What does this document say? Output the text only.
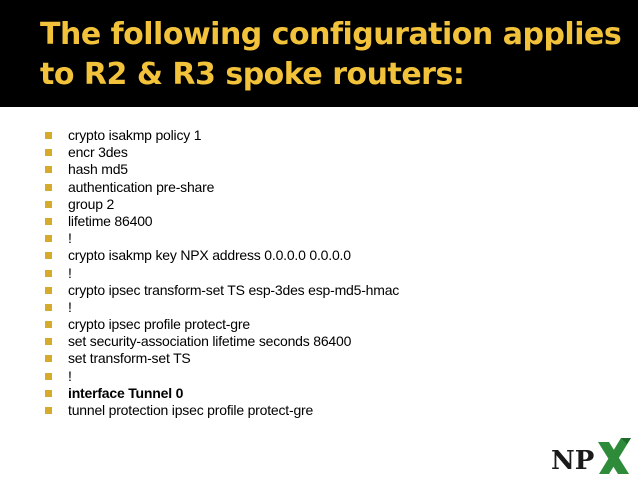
The following configuration applies to R2 & R3 spoke routers:
crypto isakmp policy 1
encr 3des
hash md5
authentication pre-share
group 2
lifetime 86400
!
crypto isakmp key NPX address 0.0.0.0 0.0.0.0
!
crypto ipsec transform-set TS esp-3des esp-md5-hmac
!
crypto ipsec profile protect-gre
set security-association lifetime seconds 86400
set transform-set TS
!
interface Tunnel 0
tunnel protection ipsec profile protect-gre
NP
